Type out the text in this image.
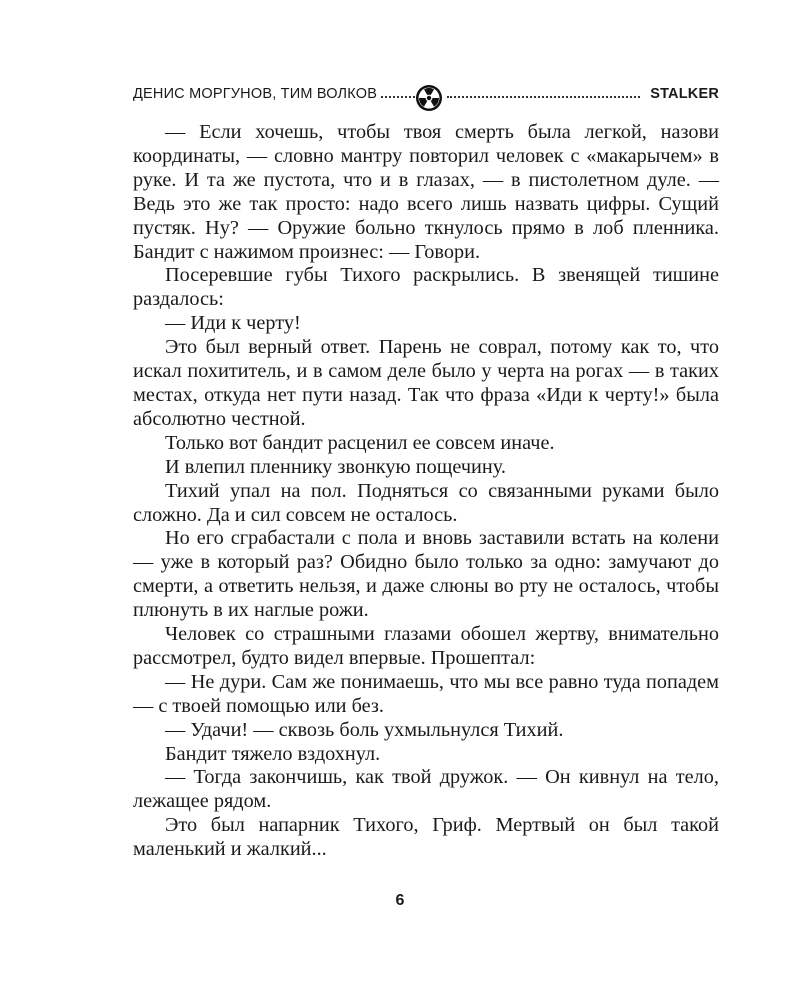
ДЕНИС МОРГУНОВ, ТИМ ВОЛКОВ	STALKER

— Если хочешь, чтобы твоя смерть была легкой, назови координаты, — словно мантру повторил человек с «макарычем» в руке. И та же пустота, что и в глазах, — в пистолетном дуле. — Ведь это же так просто: надо всего лишь назвать цифры. Сущий пустяк. Ну? — Оружие больно ткнулось прямо в лоб пленника. Бандит с нажимом произнес: — Говори.

Посеревшие губы Тихого раскрылись. В звенящей тишине раздалось:

— Иди к черту!

Это был верный ответ. Парень не соврал, потому как то, что искал похититель, и в самом деле было у черта на рогах — в таких местах, откуда нет пути назад. Так что фраза «Иди к черту!» была абсолютно честной.

Только вот бандит расценил ее совсем иначе.

И влепил пленнику звонкую пощечину.

Тихий упал на пол. Подняться со связанными руками было сложно. Да и сил совсем не осталось.

Но его сграбастали с пола и вновь заставили встать на колени — уже в который раз? Обидно было только за одно: замучают до смерти, а ответить нельзя, и даже слюны во рту не осталось, чтобы плюнуть в их наглые рожи.

Человек со страшными глазами обошел жертву, внимательно рассмотрел, будто видел впервые. Прошептал:

— Не дури. Сам же понимаешь, что мы все равно туда попадем — с твоей помощью или без.

— Удачи! — сквозь боль ухмыльнулся Тихий.

Бандит тяжело вздохнул.

— Тогда закончишь, как твой дружок. — Он кивнул на тело, лежащее рядом.

Это был напарник Тихого, Гриф. Мертвый он был такой маленький и жалкий...

6
